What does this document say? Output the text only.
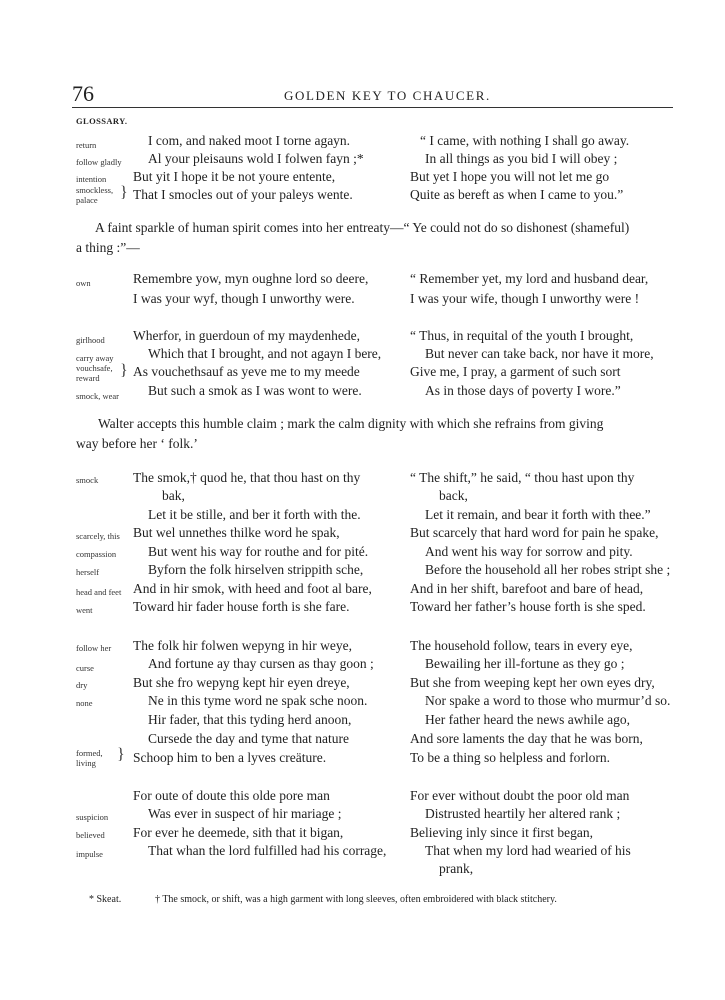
76	GOLDEN KEY TO CHAUCER.
GLOSSARY.
return
follow gladly
intention
smockless,
palace }
I com, and naked moot I torne agayn.
Al your pleisauns wold I folwen fayn ;*
But yit I hope it be not youre entente,
That I smocles out of your paleys wente.
“ I came, with nothing I shall go away.
In all things as you bid I will obey ;
But yet I hope you will not let me go
Quite as bereft as when I came to you.”
A faint sparkle of human spirit comes into her entreaty—“ Ye could not do so dishonest (shameful)
a thing :”—
own	Remembre yow, myn oughne lord so deere,
I was your wyf, though I unworthy were.
“ Remember yet, my lord and husband dear,
I was your wife, though I unworthy were !
girlhood
carry away
vouchsafe,
reward }
smock, wear
Wherfor, in guerdoun of my maydenhede,
Which that I brought, and not agayn I bere,
As vouchethsauf as yeve me to my meede
But such a smok as I was wont to were.
“ Thus, in requital of the youth I brought,
But never can take back, nor have it more,
Give me, I pray, a garment of such sort
As in those days of poverty I wore.”
Walter accepts this humble claim ; mark the calm dignity with which she refrains from giving
way before her ‘ folk.’
smock
scarcely, this
compassion
herself
head and feet
went
The smok,† quod he, that thou hast on thy
bak,
Let it be stille, and ber it forth with the.
But wel unnethes thilke word he spak,
But went his way for routhe and for pité.
Byforn the folk hirselven strippith sche,
And in hir smok, with heed and foot al bare,
Toward hir fader house forth is she fare.
“ The shift,” he said, “ thou hast upon thy
back,
Let it remain, and bear it forth with thee.”
But scarcely that hard word for pain he spake,
And went his way for sorrow and pity.
Before the household all her robes stript she ;
And in her shift, barefoot and bare of head,
Toward her father’s house forth is she sped.
follow her
curse
dry
none
formed,
living }
The folk hir folwen wepyng in hir weye,
And fortune ay thay cursen as thay goon ;
But she fro wepyng kept hir eyen dreye,
Ne in this tyme word ne spak sche noon.
Hir fader, that this tyding herd anoon,
Cursede the day and tyme that nature
Schoop him to ben a lyves creäture.
The household follow, tears in every eye,
Bewailing her ill-fortune as they go ;
But she from weeping kept her own eyes dry,
Nor spake a word to those who murmur’d so.
Her father heard the news awhile ago,
And sore laments the day that he was born,
To be a thing so helpless and forlorn.
suspicion
believed
impulse
For oute of doute this olde pore man
Was ever in suspect of hir mariage ;
For ever he deemede, sith that it bigan,
That whan the lord fulfilled had his corrage,
For ever without doubt the poor old man
Distrusted heartily her altered rank ;
Believing inly since it first began,
That when my lord had wearied of his
prank,
* Skeat.	† The smock, or shift, was a high garment with long sleeves, often embroidered with black stitchery.
